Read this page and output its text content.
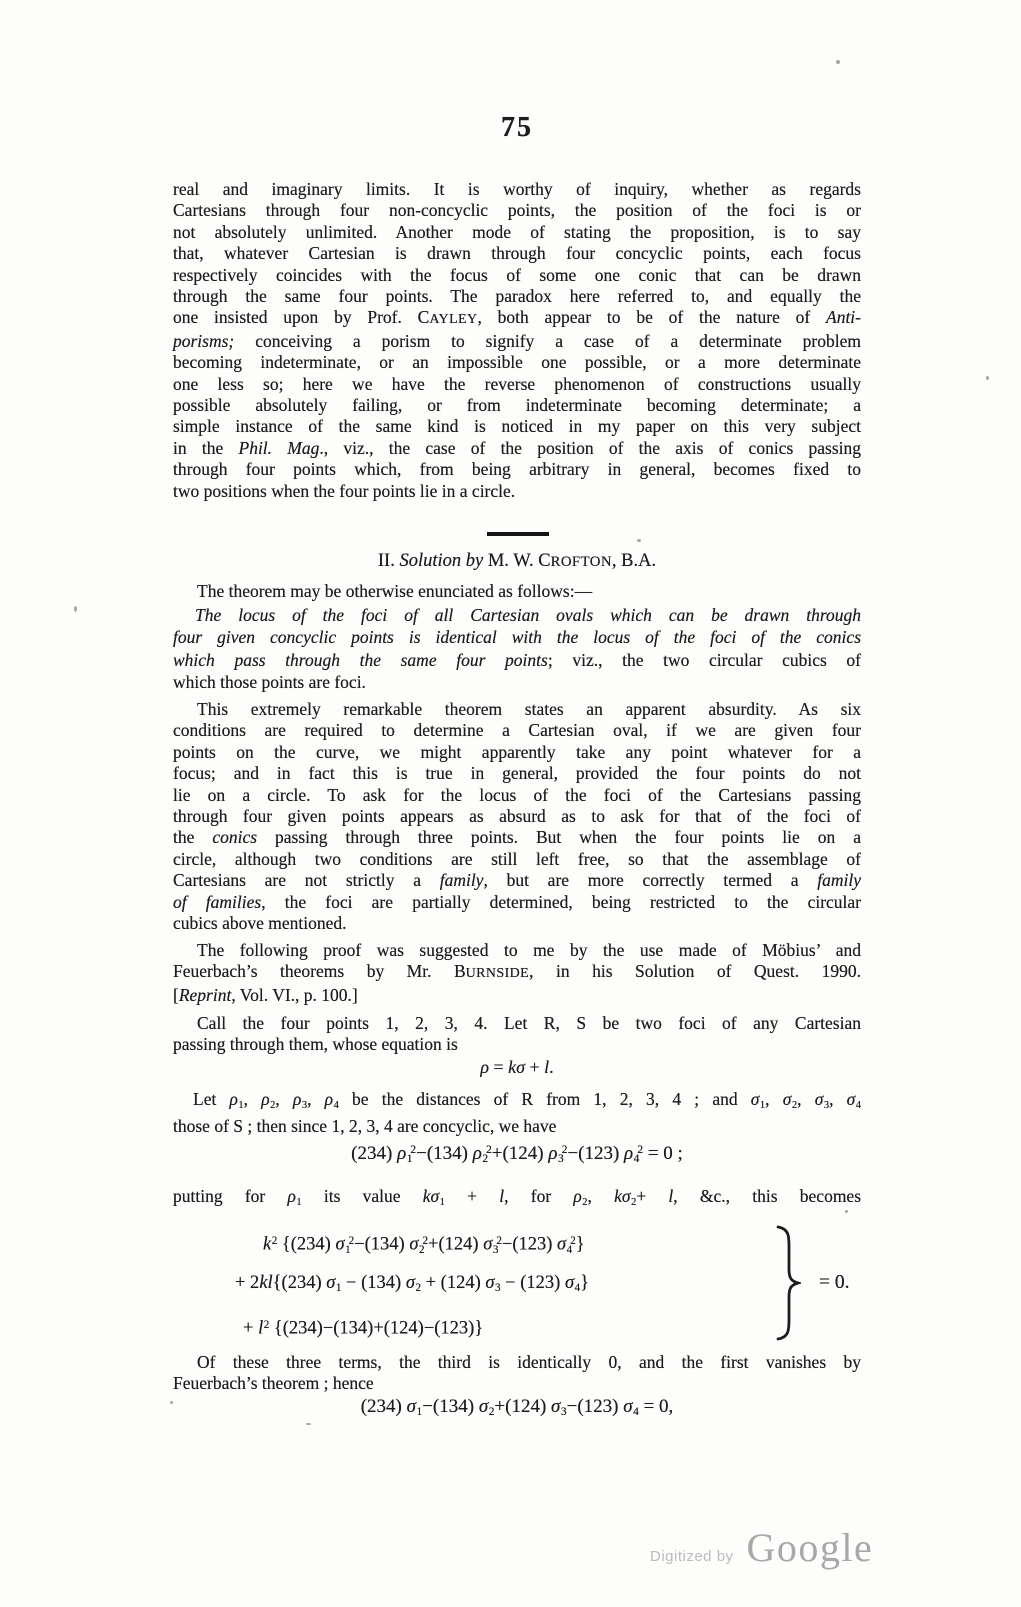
75
real and imaginary limits. It is worthy of inquiry, whether as regards
Cartesians through four non-concyclic points, the position of the foci is or
not absolutely unlimited. Another mode of stating the proposition, is to say
that, whatever Cartesian is drawn through four concyclic points, each focus
respectively coincides with the focus of some one conic that can be drawn
through the same four points. The paradox here referred to, and equally the
one insisted upon by Prof. CAYLEY, both appear to be of the nature of Anti-
porisms; conceiving a porism to signify a case of a determinate problem
becoming indeterminate, or an impossible one possible, or a more determinate
one less so; here we have the reverse phenomenon of constructions usually
possible absolutely failing, or from indeterminate becoming determinate; a
simple instance of the same kind is noticed in my paper on this very subject
in the Phil. Mag., viz., the case of the position of the axis of conics passing
through four points which, from being arbitrary in general, becomes fixed to
two positions when the four points lie in a circle.
II. Solution by M. W. CROFTON, B.A.
The theorem may be otherwise enunciated as follows:—
The locus of the foci of all Cartesian ovals which can be drawn through
four given concyclic points is identical with the locus of the foci of the conics
which pass through the same four points; viz., the two circular cubics of
which those points are foci.
This extremely remarkable theorem states an apparent absurdity. As six
conditions are required to determine a Cartesian oval, if we are given four
points on the curve, we might apparently take any point whatever for a
focus; and in fact this is true in general, provided the four points do not
lie on a circle. To ask for the locus of the foci of the Cartesians passing
through four given points appears as absurd as to ask for that of the foci of
the conics passing through three points. But when the four points lie on a
circle, although two conditions are still left free, so that the assemblage of
Cartesians are not strictly a family, but are more correctly termed a family
of families, the foci are partially determined, being restricted to the circular
cubics above mentioned.
The following proof was suggested to me by the use made of Möbius’ and
Feuerbach’s theorems by Mr. BURNSIDE, in his Solution of Quest. 1990.
[Reprint, Vol. VI., p. 100.]
Call the four points 1, 2, 3, 4. Let R, S be two foci of any Cartesian
passing through them, whose equation is
ρ = kσ + l.
Let $\rho_1$, $\rho_2$, $\rho_3$, $\rho_4$ be the distances of R from 1, 2, 3, 4 ; and $\sigma_1$, $\sigma_2$, $\sigma_3$, $\sigma_4$
those of S ; then since 1, 2, 3, 4 are concyclic, we have
(234) $\rho_1^2-(134)$ $\rho_2^2+(124)$ $\rho_3^2-(123) \rho_4^2 = 0$ ;
putting for $\rho_1$ its value $k\sigma_1 + l$, for $\rho_2$, $k\sigma_2+ l$, &c., this becomes
$k^2$ {(234) $\sigma_1^2-(134)$ $\sigma_2^2+(124)$ $\sigma_3^2-(123)$ $\sigma_4^2$}
+ 2kl{(234) $\sigma_1 - (134) \sigma_2 + (124) \sigma_3 - (123)$ $\sigma_4$}
+ $l^2$ {(234)−(134)+(124)−(123)}
= 0.
Of these three terms, the third is identically 0, and the first vanishes by
Feuerbach’s theorem ; hence
(234) $\sigma_1-(134)$ $\sigma_2+(124)$ $\sigma_3-(123) \sigma_4 = 0$,
Digitized by Google
